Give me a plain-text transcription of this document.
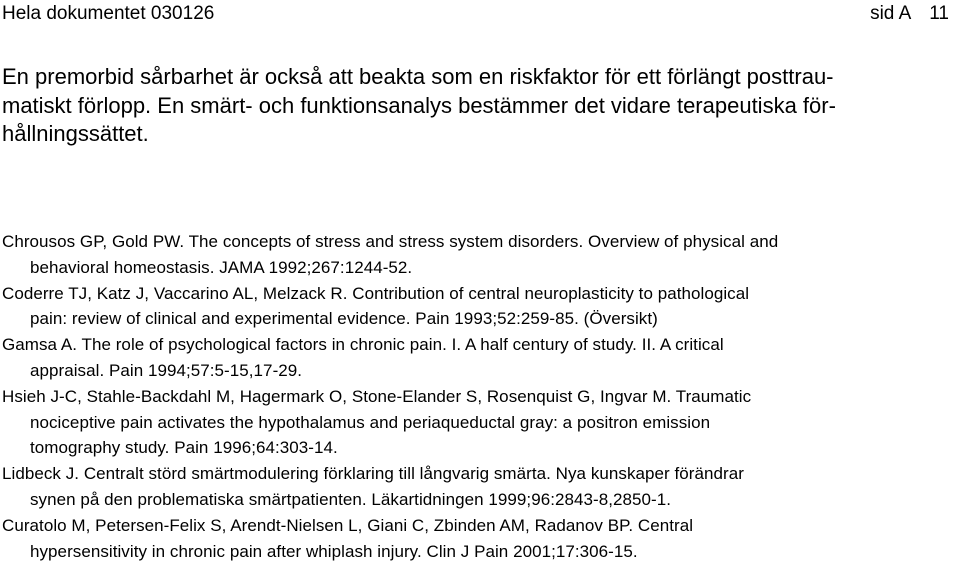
Hela dokumentet 030126	sid A 11
En premorbid sårbarhet är också att beakta som en riskfaktor för ett förlängt posttrau-
matiskt förlopp. En smärt- och funktionsanalys bestämmer det vidare terapeutiska för-
hållningssättet.
Chrousos GP, Gold PW. The concepts of stress and stress system disorders. Overview of physical and
behavioral homeostasis. JAMA 1992;267:1244-52.
Coderre TJ, Katz J, Vaccarino AL, Melzack R. Contribution of central neuroplasticity to pathological
pain: review of clinical and experimental evidence. Pain 1993;52:259-85. (Översikt)
Gamsa A. The role of psychological factors in chronic pain. I. A half century of study. II. A critical
appraisal. Pain 1994;57:5-15,17-29.
Hsieh J-C, Stahle-Backdahl M, Hagermark O, Stone-Elander S, Rosenquist G, Ingvar M. Traumatic
nociceptive pain activates the hypothalamus and periaqueductal gray: a positron emission
tomography study. Pain 1996;64:303-14.
Lidbeck J. Centralt störd smärtmodulering förklaring till långvarig smärta. Nya kunskaper förändrar
synen på den problematiska smärtpatienten. Läkartidningen 1999;96:2843-8,2850-1.
Curatolo M, Petersen-Felix S, Arendt-Nielsen L, Giani C, Zbinden AM, Radanov BP. Central
hypersensitivity in chronic pain after whiplash injury. Clin J Pain 2001;17:306-15.
